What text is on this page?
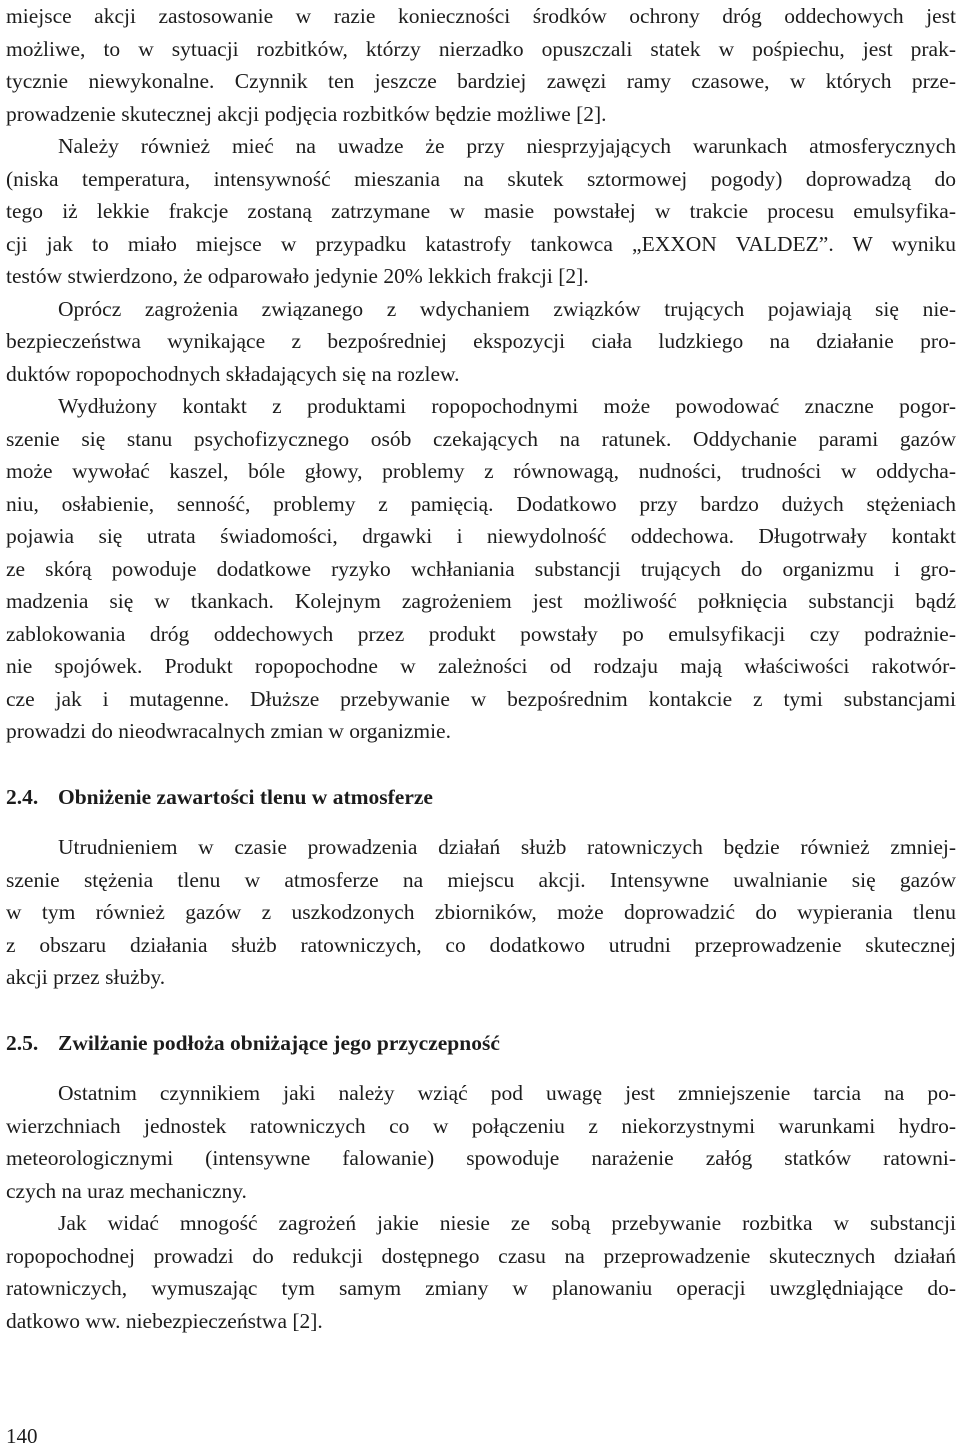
miejsce akcji zastosowanie w razie konieczności środków ochrony dróg oddechowych jest
możliwe, to w sytuacji rozbitków, którzy nierzadko opuszczali statek w pośpiechu, jest prak-
tycznie niewykonalne. Czynnik ten jeszcze bardziej zawęzi ramy czasowe, w których prze-
prowadzenie skutecznej akcji podjęcia rozbitków będzie możliwe [2].
Należy również mieć na uwadze że przy niesprzyjających warunkach atmosferycznych
(niska temperatura, intensywność mieszania na skutek sztormowej pogody) doprowadzą do
tego iż lekkie frakcje zostaną zatrzymane w masie powstałej w trakcie procesu emulsyfika-
cji jak to miało miejsce w przypadku katastrofy tankowca „EXXON VALDEZ”. W wyniku
testów stwierdzono, że odparowało jedynie 20% lekkich frakcji [2].
Oprócz zagrożenia związanego z wdychaniem związków trujących pojawiają się nie-
bezpieczeństwa wynikające z bezpośredniej ekspozycji ciała ludzkiego na działanie pro-
duktów ropopochodnych składających się na rozlew.
Wydłużony kontakt z produktami ropopochodnymi może powodować znaczne pogor-
szenie się stanu psychofizycznego osób czekających na ratunek. Oddychanie parami gazów
może wywołać kaszel, bóle głowy, problemy z równowagą, nudności, trudności w oddycha-
niu, osłabienie, senność, problemy z pamięcią. Dodatkowo przy bardzo dużych stężeniach
pojawia się utrata świadomości, drgawki i niewydolność oddechowa. Długotrwały kontakt
ze skórą powoduje dodatkowe ryzyko wchłaniania substancji trujących do organizmu i gro-
madzenia się w tkankach. Kolejnym zagrożeniem jest możliwość połknięcia substancji bądź
zablokowania dróg oddechowych przez produkt powstały po emulsyfikacji czy podrażnie-
nie spojówek. Produkt ropopochodne w zależności od rodzaju mają właściwości rakotwór-
cze jak i mutagenne. Dłuższe przebywanie w bezpośrednim kontakcie z tymi substancjami
prowadzi do nieodwracalnych zmian w organizmie.
2.4. Obniżenie zawartości tlenu w atmosferze
Utrudnieniem w czasie prowadzenia działań służb ratowniczych będzie również zmniej-
szenie stężenia tlenu w atmosferze na miejscu akcji. Intensywne uwalnianie się gazów
w tym również gazów z uszkodzonych zbiorników, może doprowadzić do wypierania tlenu
z obszaru działania służb ratowniczych, co dodatkowo utrudni przeprowadzenie skutecznej
akcji przez służby.
2.5. Zwilżanie podłoża obniżające jego przyczepność
Ostatnim czynnikiem jaki należy wziąć pod uwagę jest zmniejszenie tarcia na po-
wierzchniach jednostek ratowniczych co w połączeniu z niekorzystnymi warunkami hydro-
meteorologicznymi (intensywne falowanie) spowoduje narażenie załóg statków ratowni-
czych na uraz mechaniczny.
Jak widać mnogość zagrożeń jakie niesie ze sobą przebywanie rozbitka w substancji
ropopochodnej prowadzi do redukcji dostępnego czasu na przeprowadzenie skutecznych działań
ratowniczych, wymuszając tym samym zmiany w planowaniu operacji uwzględniające do-
datkowo ww. niebezpieczeństwa [2].
140
